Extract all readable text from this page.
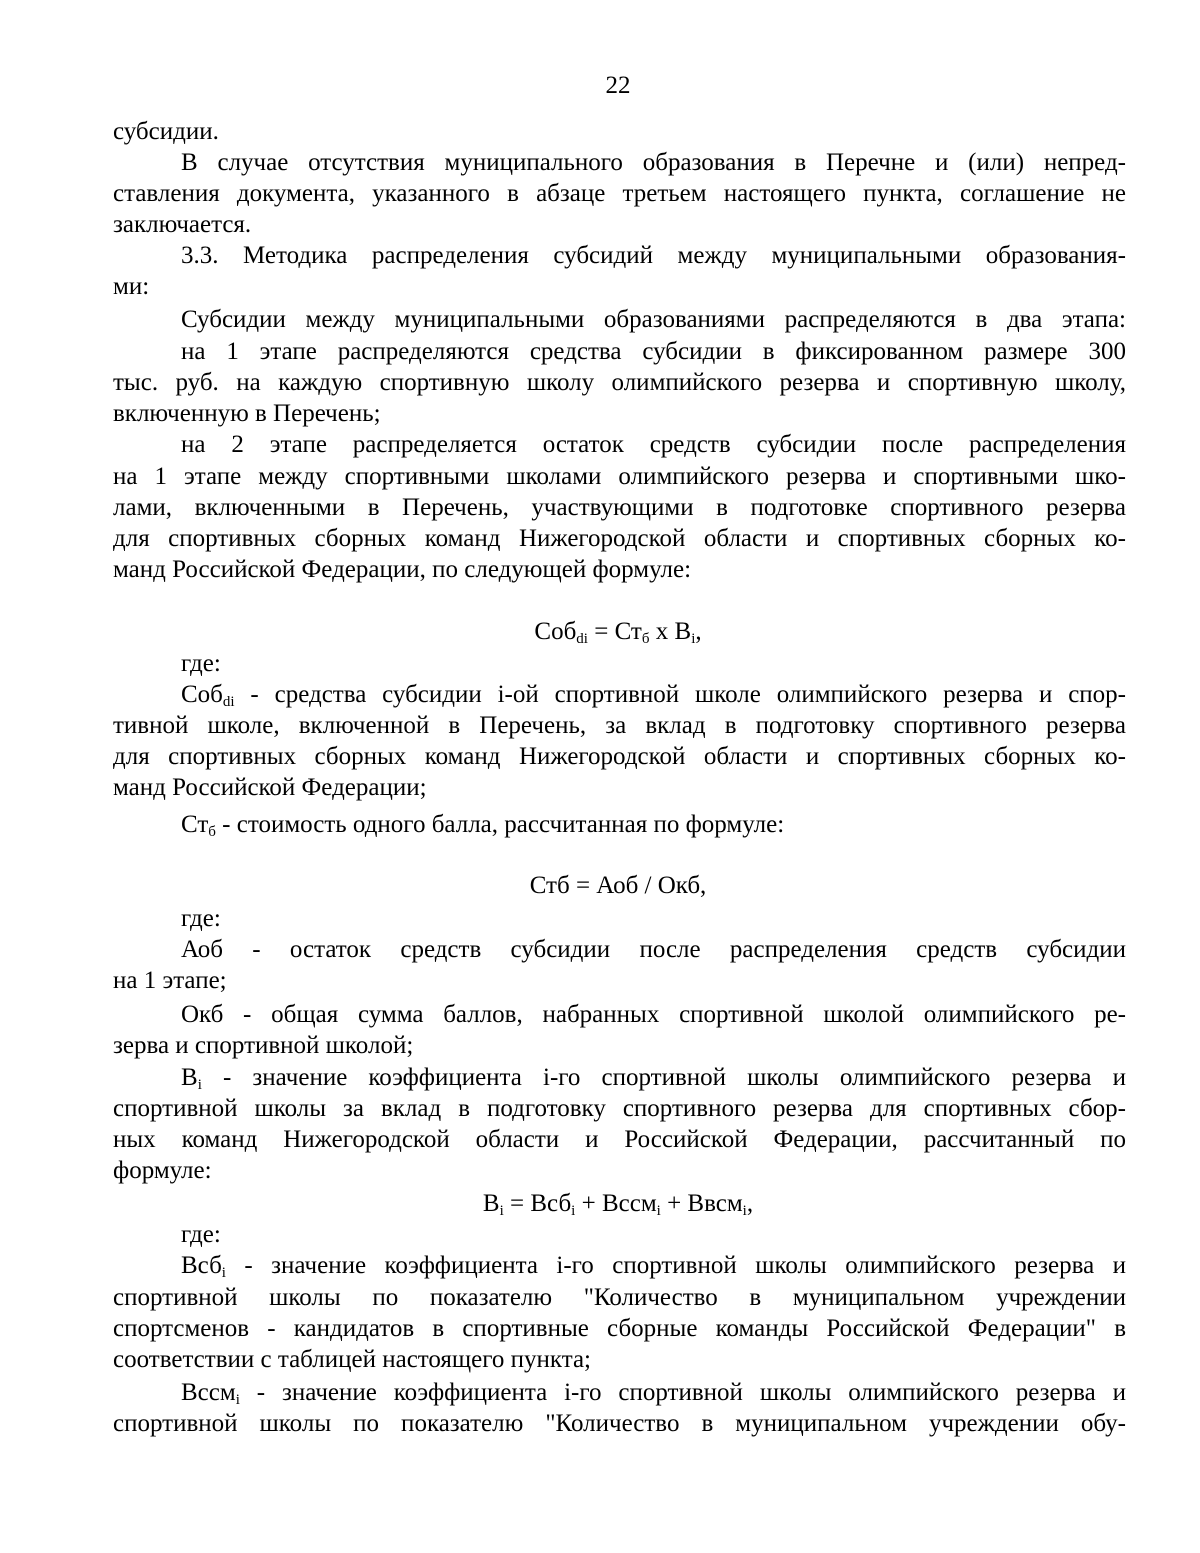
22
субсидии.
В случае отсутствия муниципального образования в Перечне и (или) непред-
ставления документа, указанного в абзаце третьем настоящего пункта, соглашение не
заключается.
3.3. Методика распределения субсидий между муниципальными образования-
ми:
Субсидии между муниципальными образованиями распределяются в два этапа:
на 1 этапе распределяются средства субсидии в фиксированном размере 300
тыс. руб. на каждую спортивную школу олимпийского резерва и спортивную школу,
включенную в Перечень;
на 2 этапе распределяется остаток средств субсидии после распределения
на 1 этапе между спортивными школами олимпийского резерва и спортивными шко-
лами, включенными в Перечень, участвующими в подготовке спортивного резерва
для спортивных сборных команд Нижегородской области и спортивных сборных ко-
манд Российской Федерации, по следующей формуле:
$Соб_{di} = Ст_б$ х $B_i$,
где:
Соб$_{di}$ - средства субсидии i-ой спортивной школе олимпийского резерва и спор-
тивной школе, включенной в Перечень, за вклад в подготовку спортивного резерва
для спортивных сборных команд Нижегородской области и спортивных сборных ко-
манд Российской Федерации;
$Ст_б$ - стоимость одного балла, рассчитанная по формуле:
Стб = Аоб / Окб,
где:
Аоб - остаток средств субсидии после распределения средств субсидии
на 1 этапе;
Окб - общая сумма баллов, набранных спортивной школой олимпийского ре-
зерва и спортивной школой;
$B_i$ - значение коэффициента i-го спортивной школы олимпийского резерва и
спортивной школы за вклад в подготовку спортивного резерва для спортивных сбор-
ных команд Нижегородской области и Российской Федерации, рассчитанный по
формуле:
$B_i = Всб_i$ + Вссм$_i$ + Ввсм$_i$,
где:
Всб$_i$ - значение коэффициента i-го спортивной школы олимпийского резерва и
спортивной школы по показателю "Количество в муниципальном учреждении
спортсменов - кандидатов в спортивные сборные команды Российской Федерации" в
соответствии с таблицей настоящего пункта;
Вссм$_i$ - значение коэффициента i-го спортивной школы олимпийского резерва и
спортивной школы по показателю "Количество в муниципальном учреждении обу-
